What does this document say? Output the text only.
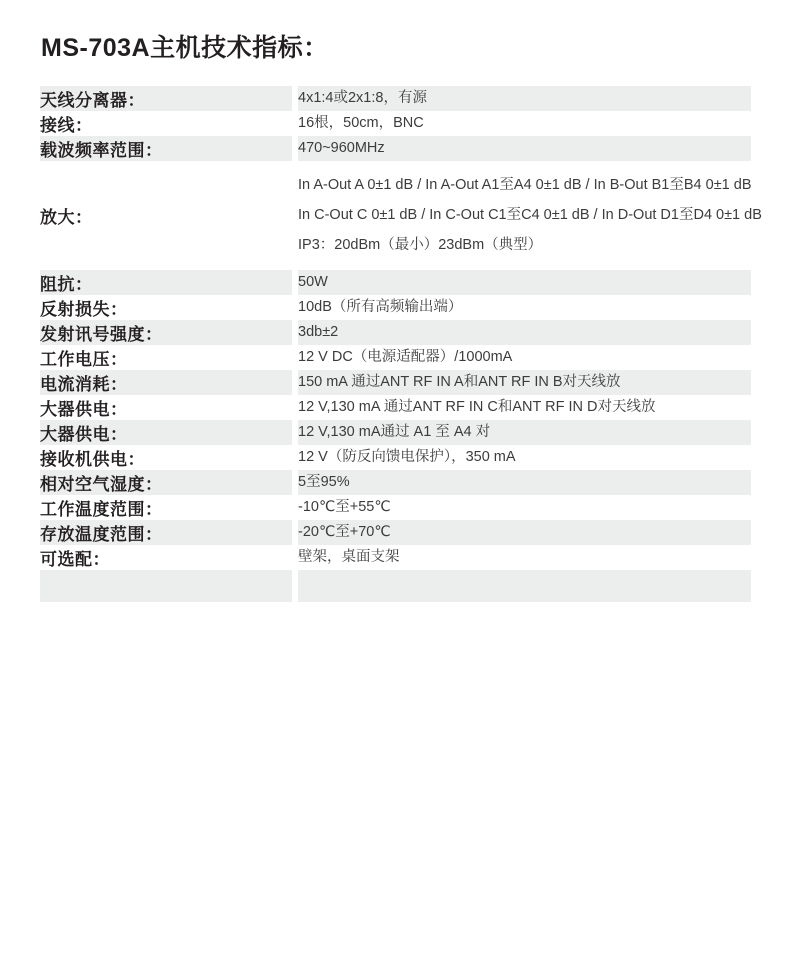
MS-703A主机技术指标：
天线分离器：	4x1:4或2x1:8，有源

接线：	16根，50cm，BNC

载波频率范围：	470~960MHz

放大：	In A-Out A 0±1 dB / In A-Out A1至A4 0±1 dB / In B-Out B1至B4 0±1 dB
In C-Out C 0±1 dB / In C-Out C1至C4 0±1 dB / In D-Out D1至D4 0±1 dB
IP3：20dBm（最小）23dBm（典型）

阻抗：	50W

反射损失：	10dB（所有高频输出端）

发射讯号强度：	3db±2

工作电压：	12 V DC（电源适配器）/1000mA

电流消耗：	150 mA 通过ANT RF IN A和ANT RF IN B对天线放

大器供电：	12 V,130 mA 通过ANT RF IN C和ANT RF IN D对天线放

大器供电：	12 V,130 mA通过 A1 至 A4 对

接收机供电：	12 V（防反向馈电保护），350 mA

相对空气湿度：	5至95%

工作温度范围：	-10℃至+55℃

存放温度范围：	-20℃至+70℃

可选配：	壁架，桌面支架
